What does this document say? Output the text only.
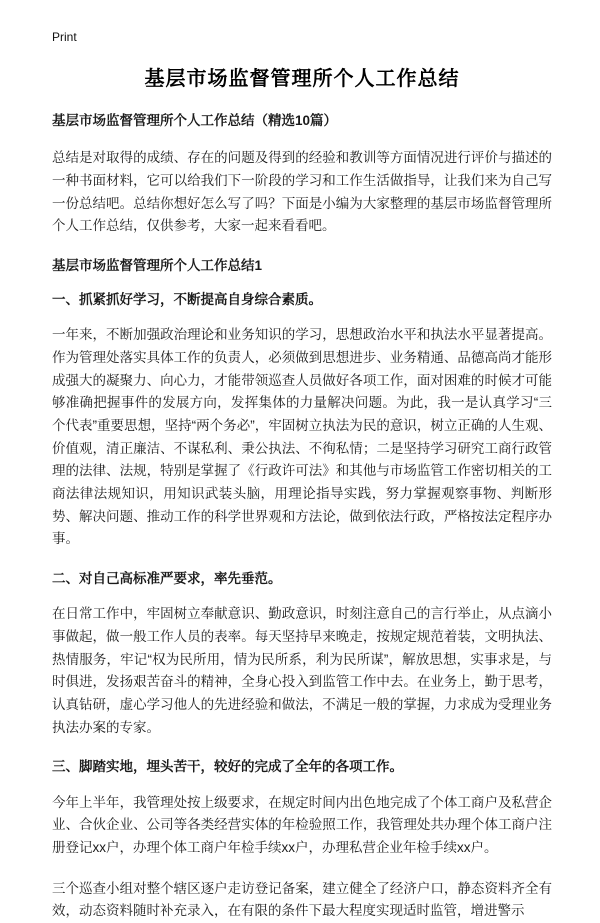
Print
基层市场监督管理所个人工作总结
基层市场监督管理所个人工作总结（精选10篇）

总结是对取得的成绩、存在的问题及得到的经验和教训等方面情况进行评价与描述的一种书面材料，它可以给我们下一阶段的学习和工作生活做指导，让我们来为自己写一份总结吧。总结你想好怎么写了吗？下面是小编为大家整理的基层市场监督管理所个人工作总结，仅供参考，大家一起来看看吧。

基层市场监督管理所个人工作总结1
一、抓紧抓好学习，不断提高自身综合素质。

一年来，不断加强政治理论和业务知识的学习，思想政治水平和执法水平显著提高。作为管理处落实具体工作的负责人，必须做到思想进步、业务精通、品德高尚才能形成强大的凝聚力、向心力，才能带领巡查人员做好各项工作，面对困难的时候才可能够准确把握事件的发展方向，发挥集体的力量解决问题。为此，我一是认真学习“三个代表”重要思想，坚持“两个务必”，牢固树立执法为民的意识，树立正确的人生观、价值观，清正廉洁、不谋私利、秉公执法、不徇私情；二是坚持学习研究工商行政管理的法律、法规，特别是掌握了《行政许可法》和其他与市场监管工作密切相关的工商法律法规知识，用知识武装头脑，用理论指导实践，努力掌握观察事物、判断形势、解决问题、推动工作的科学世界观和方法论，做到依法行政，严格按法定程序办事。

二、对自己高标准严要求，率先垂范。

在日常工作中，牢固树立奉献意识、勤政意识，时刻注意自己的言行举止，从点滴小事做起，做一般工作人员的表率。每天坚持早来晚走，按规定规范着装，文明执法、热情服务，牢记“权为民所用，情为民所系，利为民所谋”，解放思想，实事求是，与时俱进，发扬艰苦奋斗的精神，全身心投入到监管工作中去。在业务上，勤于思考，认真钻研，虚心学习他人的先进经验和做法，不满足一般的掌握，力求成为受理业务执法办案的专家。

三、脚踏实地，埋头苦干，较好的完成了全年的各项工作。

今年上半年，我管理处按上级要求，在规定时间内出色地完成了个体工商户及私营企业、合伙企业、公司等各类经营实体的年检验照工作，我管理处共办理个体工商户注册登记xx户，办理个体工商户年检手续xx户，办理私营企业年检手续xx户。

三个巡查小组对整个辖区逐户走访登记备案，建立健全了经济户口，静态资料齐全有效，动态资料随时补充录入，在有限的条件下最大程度实现适时监管，增进警示
